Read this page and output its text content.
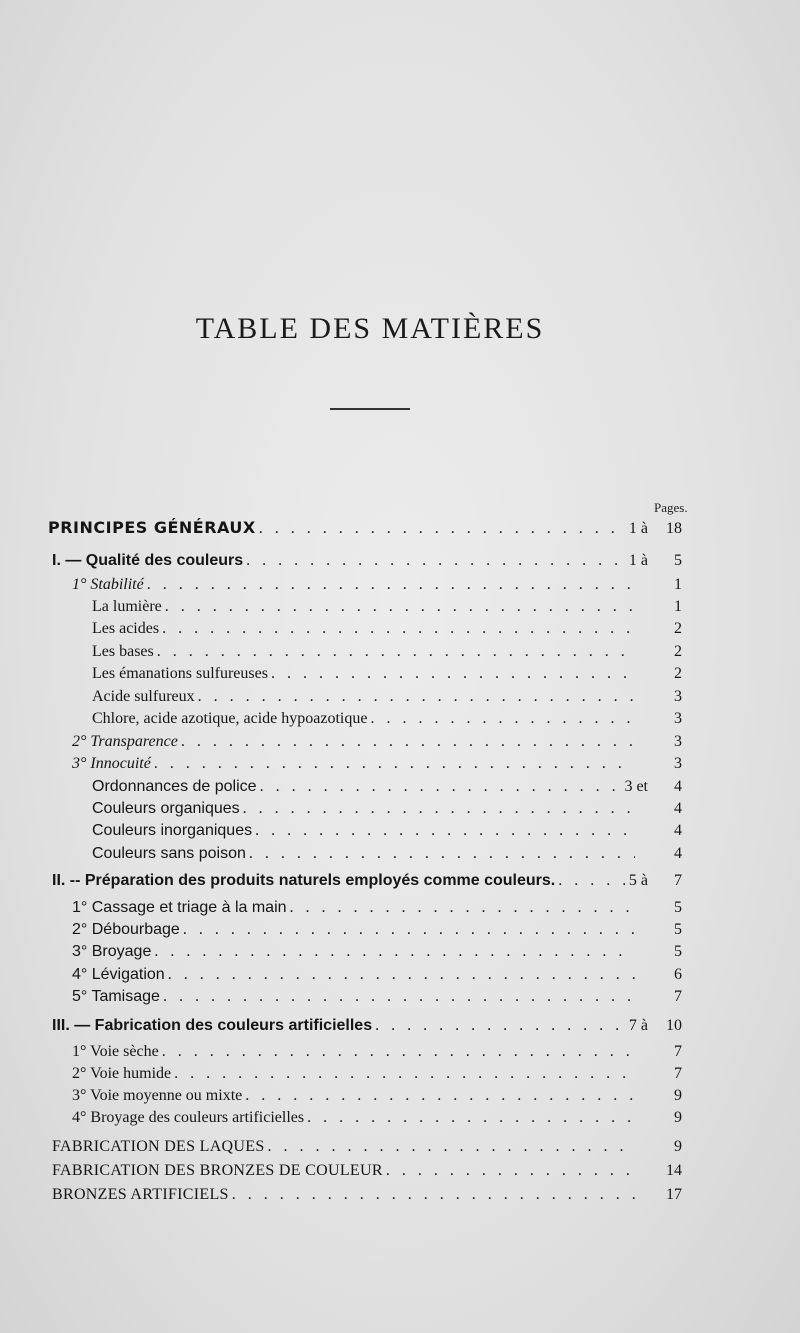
TABLE DES MATIÈRES
Pages.
PRINCIPES GÉNÉRAUX . . .	1 à	18
I. — Qualité des couleurs . . .	1 à	5
1° Stabilité . . .	1
La lumière . . .	1
Les acides . . .	2
Les bases . . .	2
Les émanations sulfureuses . . .	2
Acide sulfureux . . .	3
Chlore, acide azotique, acide hypoazotique . . .	3
2° Transparence . . .	3
3° Innocuité . . .	3
Ordonnances de police . . .	3 et	4
Couleurs organiques . . .	4
Couleurs inorganiques . . .	4
Couleurs sans poison . . .	4
II. -- Préparation des produits naturels employés comme couleurs. . . .	5 à	7
1° Cassage et triage à la main . . .	5
2° Débourbage . . .	5
3° Broyage . . .	5
4° Lévigation . . .	6
5° Tamisage . . .	7
III. — Fabrication des couleurs artificielles . . .	7 à	10
1° Voie sèche . . .	7
2° Voie humide . . .	7
3° Voie moyenne ou mixte . . .	9
4° Broyage des couleurs artificielles . . .	9
FABRICATION DES LAQUES . . .	9
FABRICATION DES BRONZES DE COULEUR . . .	14
BRONZES ARTIFICIELS . . .	17
